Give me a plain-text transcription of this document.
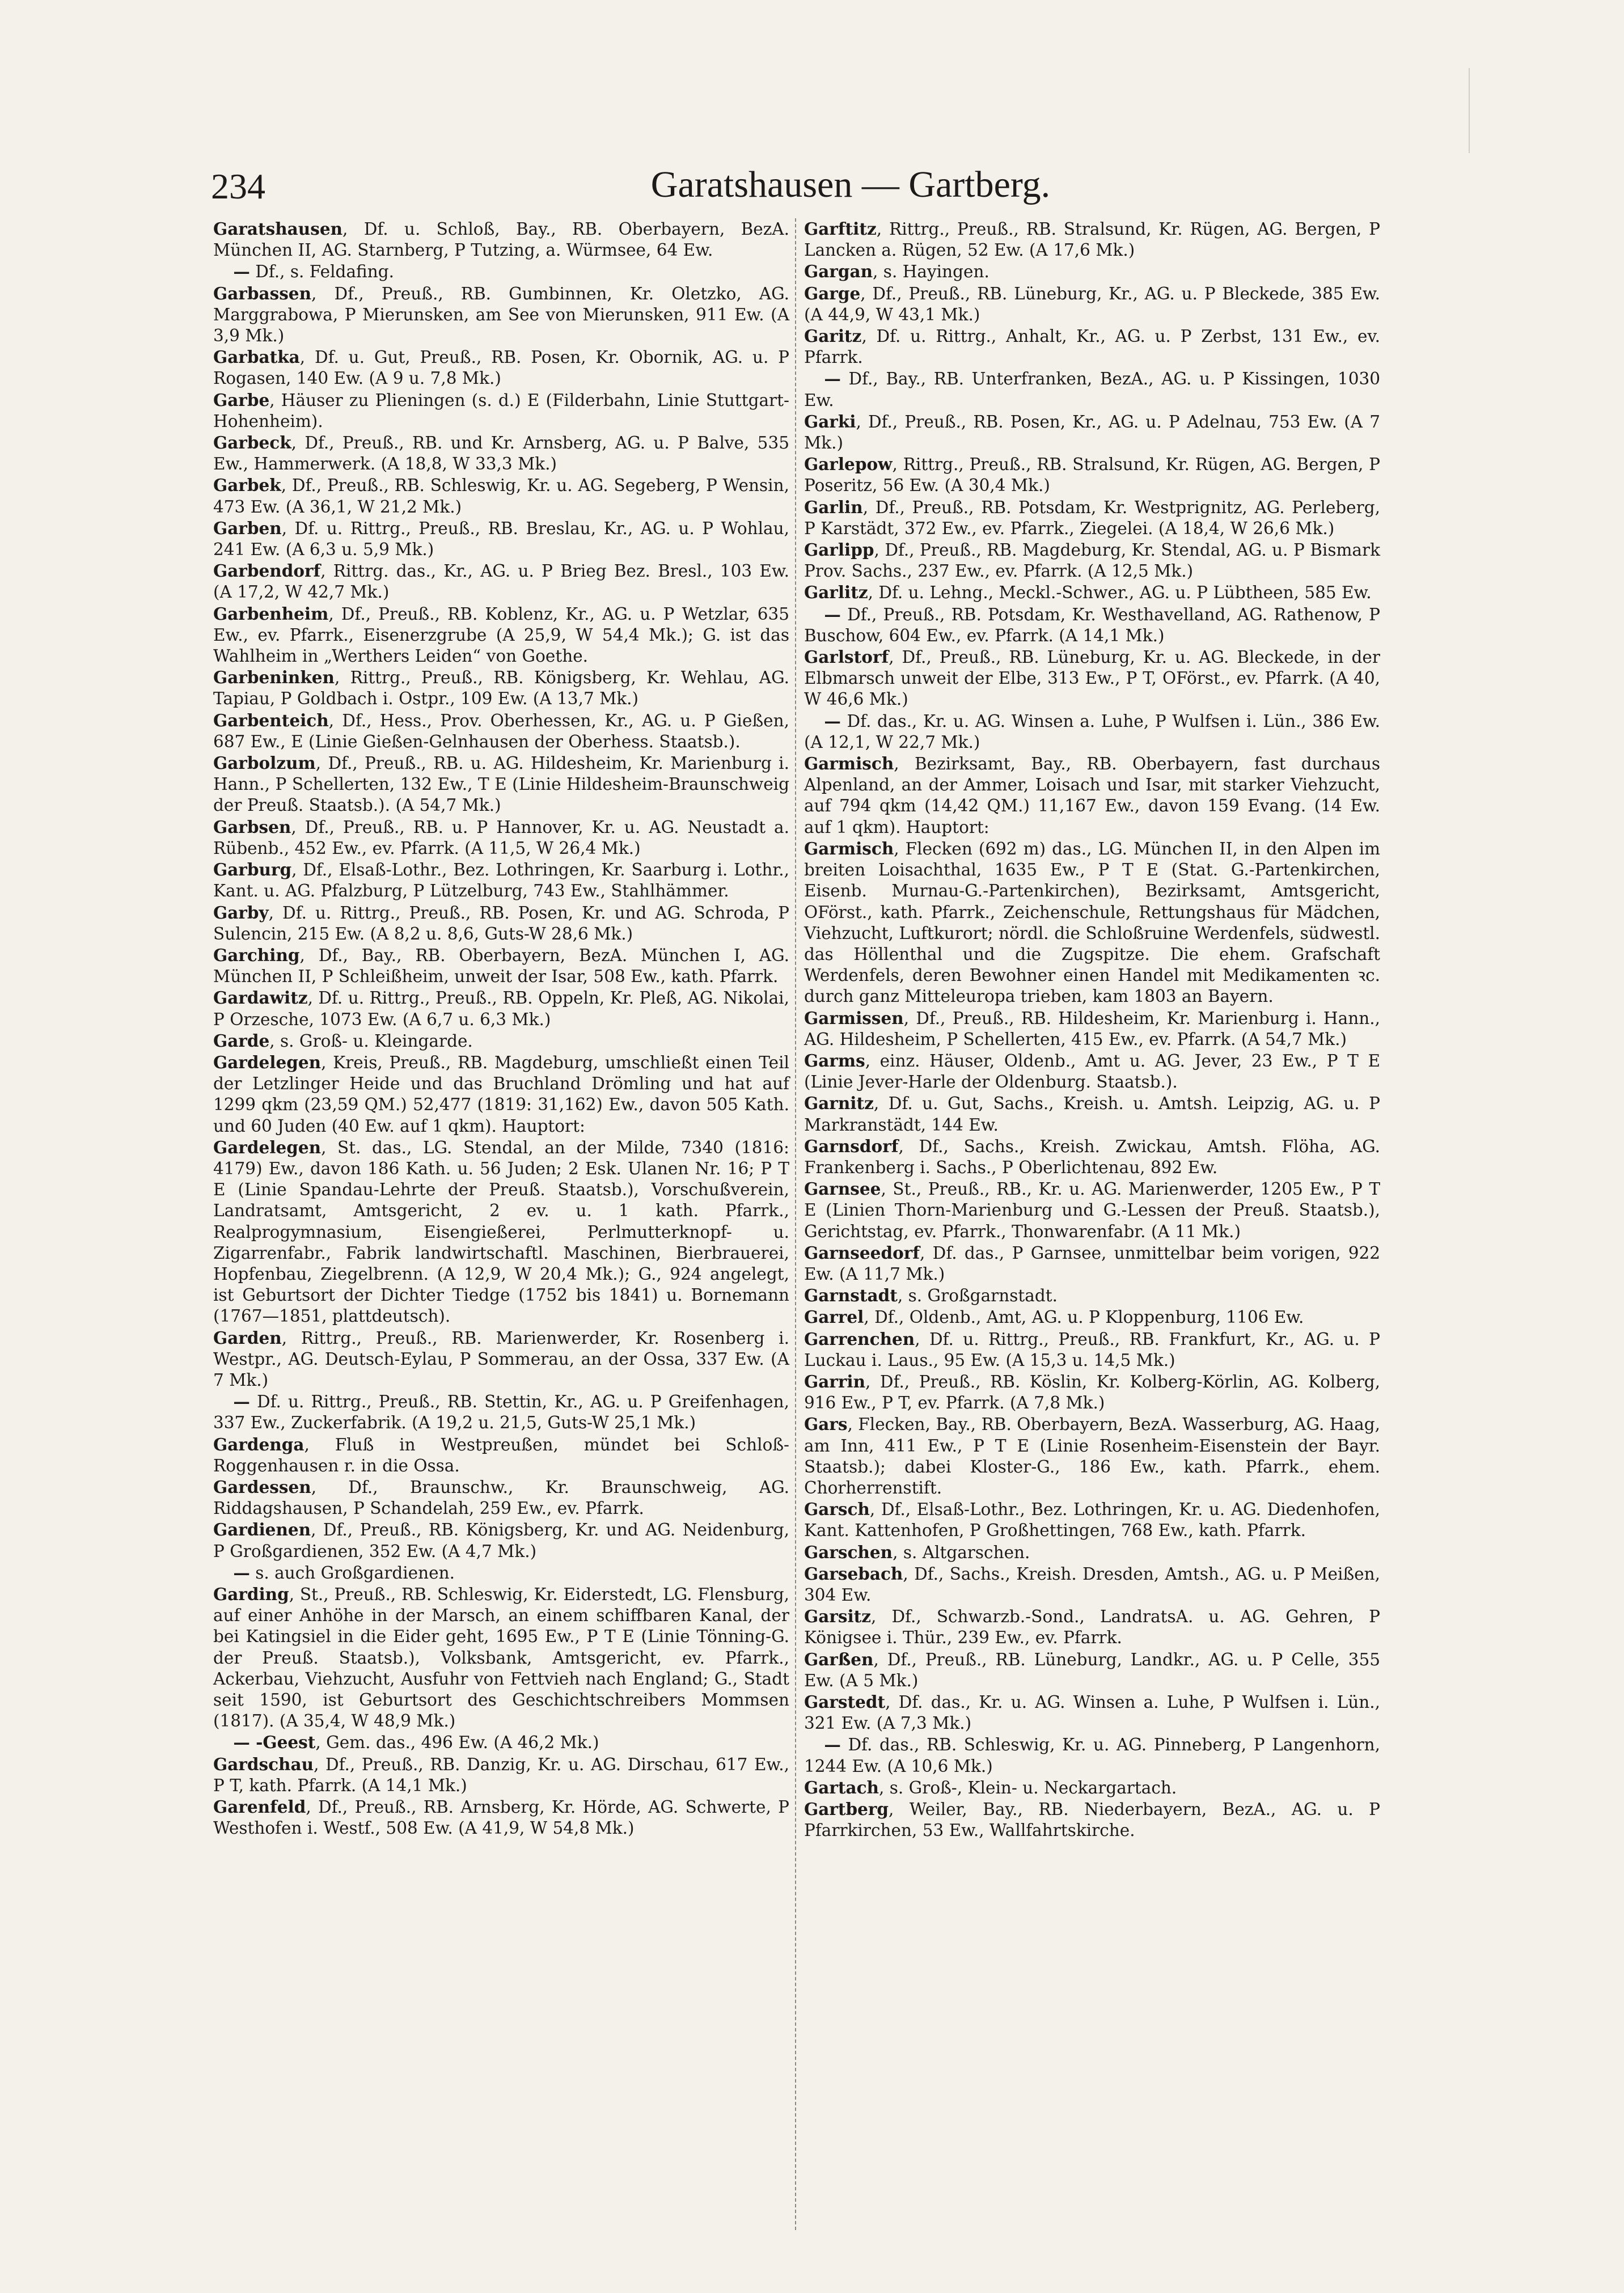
234	Garatshausen — Gartberg.

Garatshausen, Df. u. Schloß, Bay., RB. Oberbayern, BezA. München II, AG. Starnberg, P Tutzing, a. Würmsee, 64 Ew.

— Df., s. Feldafing.

Garbassen, Df., Preuß., RB. Gumbinnen, Kr. Oletzko, AG. Marggrabowa, P Mierunsken, am See von Mierunsken, 911 Ew. (A 3,9 Mk.)

Garbatka, Df. u. Gut, Preuß., RB. Posen, Kr. Obornik, AG. u. P Rogasen, 140 Ew. (A 9 u. 7,8 Mk.)

Garbe, Häuser zu Plieningen (s. d.) E (Filderbahn, Linie Stuttgart-Hohenheim).

Garbeck, Df., Preuß., RB. und Kr. Arnsberg, AG. u. P Balve, 535 Ew., Hammerwerk. (A 18,8, W 33,3 Mk.)

Garbek, Df., Preuß., RB. Schleswig, Kr. u. AG. Segeberg, P Wensin, 473 Ew. (A 36,1, W 21,2 Mk.)

Garben, Df. u. Rittrg., Preuß., RB. Breslau, Kr., AG. u. P Wohlau, 241 Ew. (A 6,3 u. 5,9 Mk.)

Garbendorf, Rittrg. das., Kr., AG. u. P Brieg Bez. Bresl., 103 Ew. (A 17,2, W 42,7 Mk.)

Garbenheim, Df., Preuß., RB. Koblenz, Kr., AG. u. P Wetzlar, 635 Ew., ev. Pfarrk., Eisenerzgrube (A 25,9, W 54,4 Mk.); G. ist das Wahlheim in „Werthers Leiden“ von Goethe.

Garbeninken, Rittrg., Preuß., RB. Königsberg, Kr. Wehlau, AG. Tapiau, P Goldbach i. Ostpr., 109 Ew. (A 13,7 Mk.)

Garbenteich, Df., Hess., Prov. Oberhessen, Kr., AG. u. P Gießen, 687 Ew., E (Linie Gießen-Gelnhausen der Oberhess. Staatsb.).

Garbolzum, Df., Preuß., RB. u. AG. Hildesheim, Kr. Marienburg i. Hann., P Schellerten, 132 Ew., T E (Linie Hildesheim-Braunschweig der Preuß. Staatsb.). (A 54,7 Mk.)

Garbsen, Df., Preuß., RB. u. P Hannover, Kr. u. AG. Neustadt a. Rübenb., 452 Ew., ev. Pfarrk. (A 11,5, W 26,4 Mk.)

Garburg, Df., Elsaß-Lothr., Bez. Lothringen, Kr. Saarburg i. Lothr., Kant. u. AG. Pfalzburg, P Lützelburg, 743 Ew., Stahlhämmer.

Garby, Df. u. Rittrg., Preuß., RB. Posen, Kr. und AG. Schroda, P Sulencin, 215 Ew. (A 8,2 u. 8,6, Guts-W 28,6 Mk.)

Garching, Df., Bay., RB. Oberbayern, BezA. München I, AG. München II, P Schleißheim, unweit der Isar, 508 Ew., kath. Pfarrk.

Gardawitz, Df. u. Rittrg., Preuß., RB. Oppeln, Kr. Pleß, AG. Nikolai, P Orzesche, 1073 Ew. (A 6,7 u. 6,3 Mk.)

Garde, s. Groß- u. Kleingarde.

Gardelegen, Kreis, Preuß., RB. Magdeburg, umschließt einen Teil der Letzlinger Heide und das Bruchland Drömling und hat auf 1299 qkm (23,59 QM.) 52,477 (1819: 31,162) Ew., davon 505 Kath. und 60 Juden (40 Ew. auf 1 qkm). Hauptort:

Gardelegen, St. das., LG. Stendal, an der Milde, 7340 (1816: 4179) Ew., davon 186 Kath. u. 56 Juden; 2 Esk. Ulanen Nr. 16; P T E (Linie Spandau-Lehrte der Preuß. Staatsb.), Vorschußverein, Landratsamt, Amtsgericht, 2 ev. u. 1 kath. Pfarrk., Realprogymnasium, Eisengießerei, Perlmutterknopf- u. Zigarrenfabr., Fabrik landwirtschaftl. Maschinen, Bierbrauerei, Hopfenbau, Ziegelbrenn. (A 12,9, W 20,4 Mk.); G., 924 angelegt, ist Geburtsort der Dichter Tiedge (1752 bis 1841) u. Bornemann (1767—1851, plattdeutsch).

Garden, Rittrg., Preuß., RB. Marienwerder, Kr. Rosenberg i. Westpr., AG. Deutsch-Eylau, P Sommerau, an der Ossa, 337 Ew. (A 7 Mk.)

— Df. u. Rittrg., Preuß., RB. Stettin, Kr., AG. u. P Greifenhagen, 337 Ew., Zuckerfabrik. (A 19,2 u. 21,5, Guts-W 25,1 Mk.)

Gardenga, Fluß in Westpreußen, mündet bei Schloß-Roggenhausen r. in die Ossa.

Gardessen, Df., Braunschw., Kr. Braunschweig, AG. Riddagshausen, P Schandelah, 259 Ew., ev. Pfarrk.

Gardienen, Df., Preuß., RB. Königsberg, Kr. und AG. Neidenburg, P Großgardienen, 352 Ew. (A 4,7 Mk.)

— s. auch Großgardienen.

Garding, St., Preuß., RB. Schleswig, Kr. Eiderstedt, LG. Flensburg, auf einer Anhöhe in der Marsch, an einem schiffbaren Kanal, der bei Katingsiel in die Eider geht, 1695 Ew., P T E (Linie Tönning-G. der Preuß. Staatsb.), Volksbank, Amtsgericht, ev. Pfarrk., Ackerbau, Viehzucht, Ausfuhr von Fettvieh nach England; G., Stadt seit 1590, ist Geburtsort des Geschichtschreibers Mommsen (1817). (A 35,4, W 48,9 Mk.)

— -Geest, Gem. das., 496 Ew. (A 46,2 Mk.)

Gardschau, Df., Preuß., RB. Danzig, Kr. u. AG. Dirschau, 617 Ew., P T, kath. Pfarrk. (A 14,1 Mk.)

Garenfeld, Df., Preuß., RB. Arnsberg, Kr. Hörde, AG. Schwerte, P Westhofen i. Westf., 508 Ew. (A 41,9, W 54,8 Mk.)

Garftitz, Rittrg., Preuß., RB. Stralsund, Kr. Rügen, AG. Bergen, P Lancken a. Rügen, 52 Ew. (A 17,6 Mk.)

Gargan, s. Hayingen.

Garge, Df., Preuß., RB. Lüneburg, Kr., AG. u. P Bleckede, 385 Ew. (A 44,9, W 43,1 Mk.)

Garitz, Df. u. Rittrg., Anhalt, Kr., AG. u. P Zerbst, 131 Ew., ev. Pfarrk.

— Df., Bay., RB. Unterfranken, BezA., AG. u. P Kissingen, 1030 Ew.

Garki, Df., Preuß., RB. Posen, Kr., AG. u. P Adelnau, 753 Ew. (A 7 Mk.)

Garlepow, Rittrg., Preuß., RB. Stralsund, Kr. Rügen, AG. Bergen, P Poseritz, 56 Ew. (A 30,4 Mk.)

Garlin, Df., Preuß., RB. Potsdam, Kr. Westprignitz, AG. Perleberg, P Karstädt, 372 Ew., ev. Pfarrk., Ziegelei. (A 18,4, W 26,6 Mk.)

Garlipp, Df., Preuß., RB. Magdeburg, Kr. Stendal, AG. u. P Bismark Prov. Sachs., 237 Ew., ev. Pfarrk. (A 12,5 Mk.)

Garlitz, Df. u. Lehng., Meckl.-Schwer., AG. u. P Lübtheen, 585 Ew.

— Df., Preuß., RB. Potsdam, Kr. Westhavelland, AG. Rathenow, P Buschow, 604 Ew., ev. Pfarrk. (A 14,1 Mk.)

Garlstorf, Df., Preuß., RB. Lüneburg, Kr. u. AG. Bleckede, in der Elbmarsch unweit der Elbe, 313 Ew., P T, OFörst., ev. Pfarrk. (A 40, W 46,6 Mk.)

— Df. das., Kr. u. AG. Winsen a. Luhe, P Wulfsen i. Lün., 386 Ew. (A 12,1, W 22,7 Mk.)

Garmisch, Bezirksamt, Bay., RB. Oberbayern, fast durchaus Alpenland, an der Ammer, Loisach und Isar, mit starker Viehzucht, auf 794 qkm (14,42 QM.) 11,167 Ew., davon 159 Evang. (14 Ew. auf 1 qkm). Hauptort:

Garmisch, Flecken (692 m) das., LG. München II, in den Alpen im breiten Loisachthal, 1635 Ew., P T E (Stat. G.-Partenkirchen, Eisenb. Murnau-G.-Partenkirchen), Bezirksamt, Amtsgericht, OFörst., kath. Pfarrk., Zeichenschule, Rettungshaus für Mädchen, Viehzucht, Luftkurort; nördl. die Schloßruine Werdenfels, südwestl. das Höllenthal und die Zugspitze. Die ehem. Grafschaft Werdenfels, deren Bewohner einen Handel mit Medikamenten ꝛc. durch ganz Mitteleuropa trieben, kam 1803 an Bayern.

Garmissen, Df., Preuß., RB. Hildesheim, Kr. Marienburg i. Hann., AG. Hildesheim, P Schellerten, 415 Ew., ev. Pfarrk. (A 54,7 Mk.)

Garms, einz. Häuser, Oldenb., Amt u. AG. Jever, 23 Ew., P T E (Linie Jever-Harle der Oldenburg. Staatsb.).

Garnitz, Df. u. Gut, Sachs., Kreish. u. Amtsh. Leipzig, AG. u. P Markranstädt, 144 Ew.

Garnsdorf, Df., Sachs., Kreish. Zwickau, Amtsh. Flöha, AG. Frankenberg i. Sachs., P Oberlichtenau, 892 Ew.

Garnsee, St., Preuß., RB., Kr. u. AG. Marienwerder, 1205 Ew., P T E (Linien Thorn-Marienburg und G.-Lessen der Preuß. Staatsb.), Gerichtstag, ev. Pfarrk., Thonwarenfabr. (A 11 Mk.)

Garnseedorf, Df. das., P Garnsee, unmittelbar beim vorigen, 922 Ew. (A 11,7 Mk.)

Garnstadt, s. Großgarnstadt.

Garrel, Df., Oldenb., Amt, AG. u. P Kloppenburg, 1106 Ew.

Garrenchen, Df. u. Rittrg., Preuß., RB. Frankfurt, Kr., AG. u. P Luckau i. Laus., 95 Ew. (A 15,3 u. 14,5 Mk.)

Garrin, Df., Preuß., RB. Köslin, Kr. Kolberg-Körlin, AG. Kolberg, 916 Ew., P T, ev. Pfarrk. (A 7,8 Mk.)

Gars, Flecken, Bay., RB. Oberbayern, BezA. Wasserburg, AG. Haag, am Inn, 411 Ew., P T E (Linie Rosenheim-Eisenstein der Bayr. Staatsb.); dabei Kloster-G., 186 Ew., kath. Pfarrk., ehem. Chorherrenstift.

Garsch, Df., Elsaß-Lothr., Bez. Lothringen, Kr. u. AG. Diedenhofen, Kant. Kattenhofen, P Großhettingen, 768 Ew., kath. Pfarrk.

Garschen, s. Altgarschen.

Garsebach, Df., Sachs., Kreish. Dresden, Amtsh., AG. u. P Meißen, 304 Ew.

Garsitz, Df., Schwarzb.-Sond., LandratsA. u. AG. Gehren, P Königsee i. Thür., 239 Ew., ev. Pfarrk.

Garßen, Df., Preuß., RB. Lüneburg, Landkr., AG. u. P Celle, 355 Ew. (A 5 Mk.)

Garstedt, Df. das., Kr. u. AG. Winsen a. Luhe, P Wulfsen i. Lün., 321 Ew. (A 7,3 Mk.)

— Df. das., RB. Schleswig, Kr. u. AG. Pinneberg, P Langenhorn, 1244 Ew. (A 10,6 Mk.)

Gartach, s. Groß-, Klein- u. Neckargartach.

Gartberg, Weiler, Bay., RB. Niederbayern, BezA., AG. u. P Pfarrkirchen, 53 Ew., Wallfahrtskirche.
